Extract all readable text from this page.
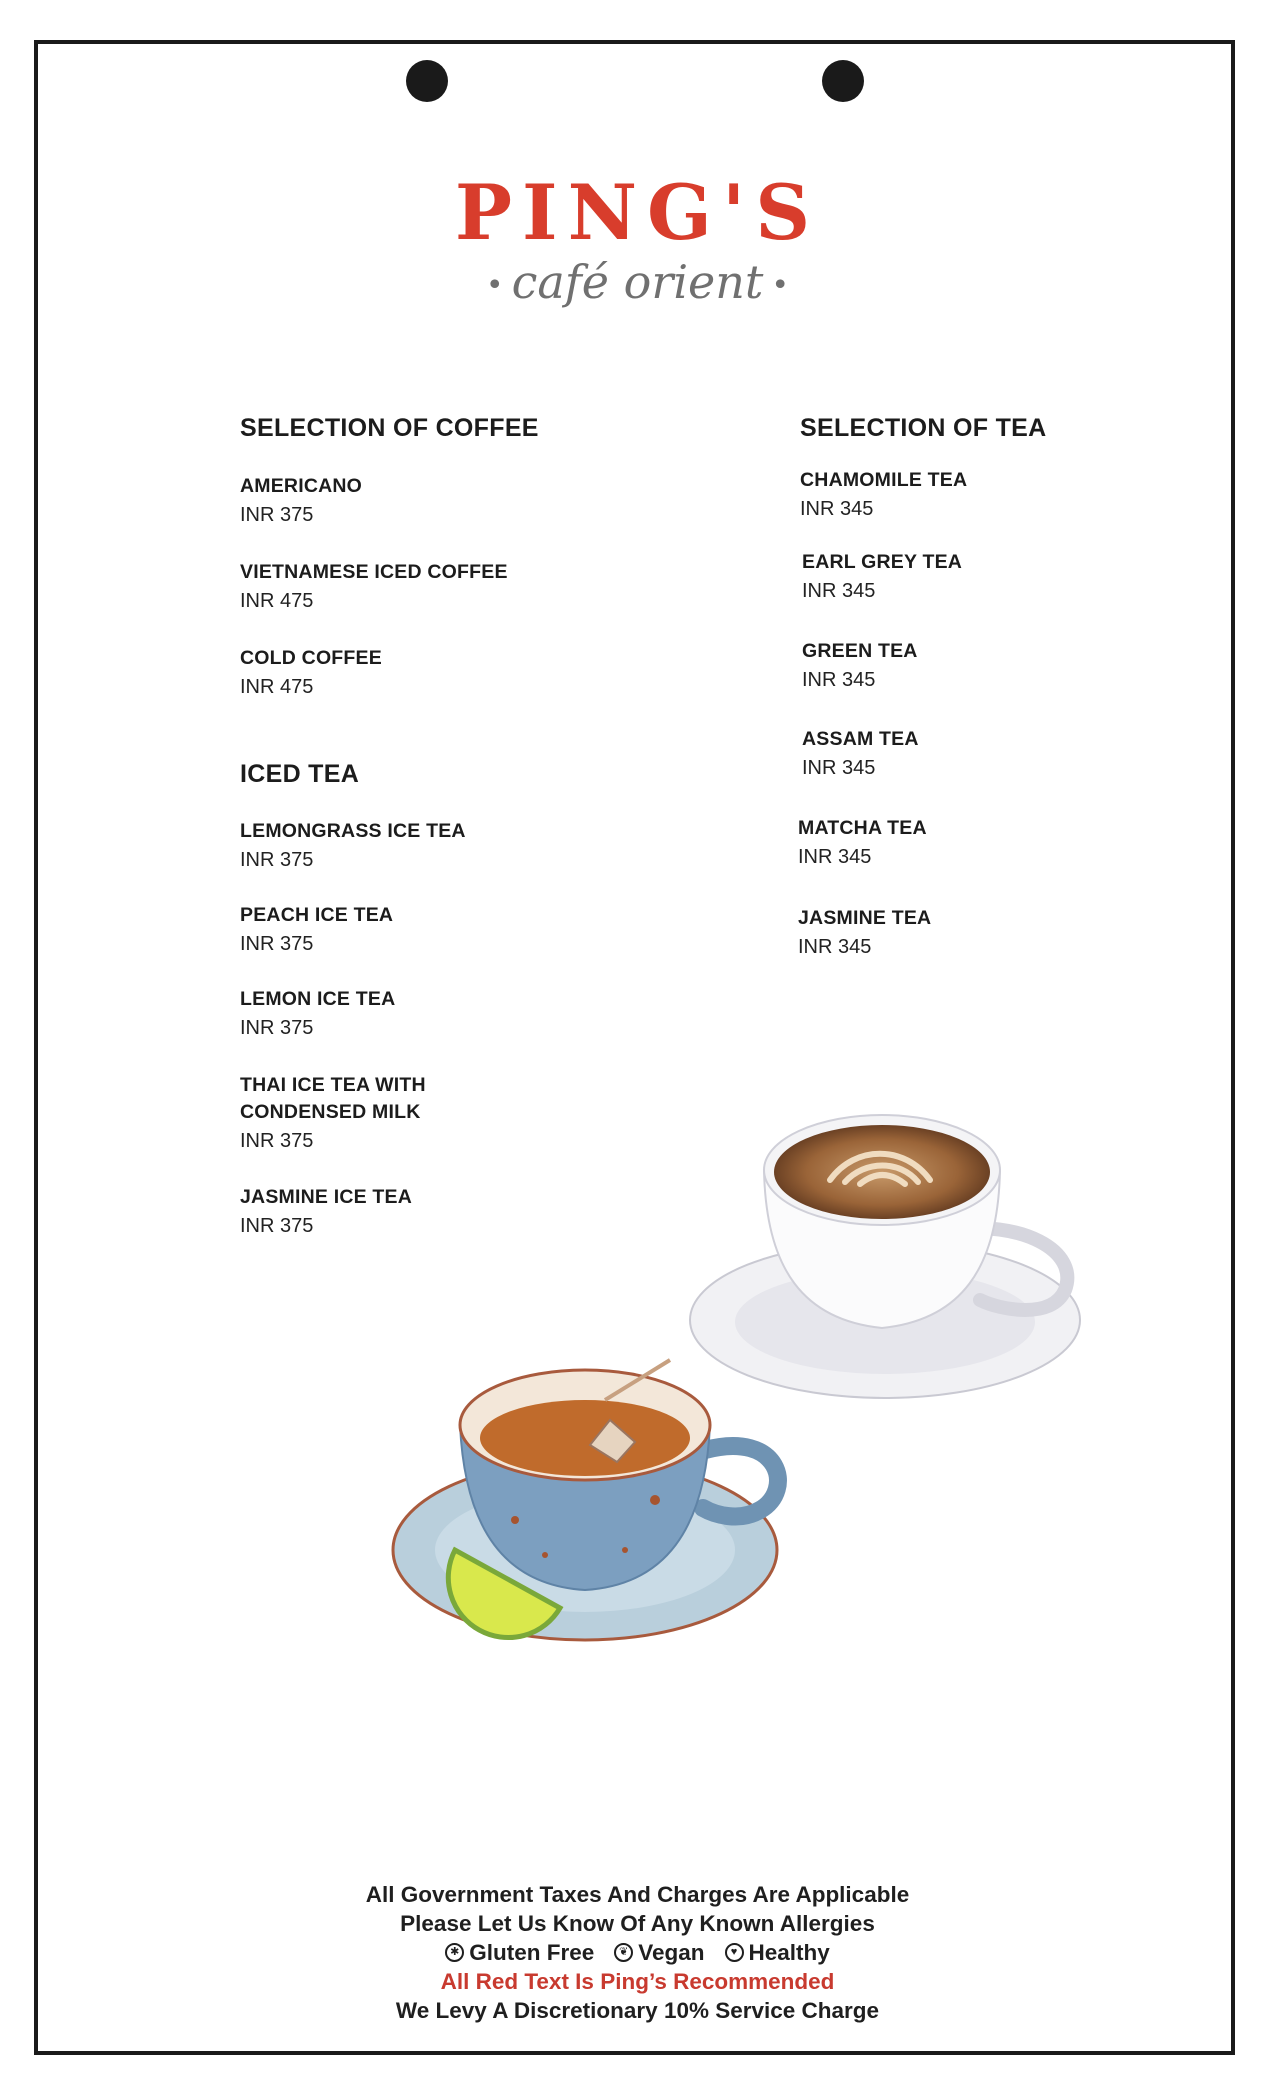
PING'S
• café orient •
SELECTION OF COFFEE
AMERICANO
INR 375
VIETNAMESE ICED COFFEE
INR 475
COLD COFFEE
INR 475
ICED TEA
LEMONGRASS ICE TEA
INR 375
PEACH ICE TEA
INR 375
LEMON ICE TEA
INR 375
THAI ICE TEA WITH
CONDENSED MILK
INR 375
JASMINE ICE TEA
INR 375
SELECTION OF TEA
CHAMOMILE TEA
INR 345
EARL GREY TEA
INR 345
GREEN TEA
INR 345
ASSAM TEA
INR 345
MATCHA TEA
INR 345
JASMINE TEA
INR 345
All Government Taxes And Charges Are Applicable
Please Let Us Know Of Any Known Allergies
✱ Gluten Free	❦ Vegan	♥ Healthy
All Red Text Is Ping’s Recommended
We Levy A Discretionary 10% Service Charge
